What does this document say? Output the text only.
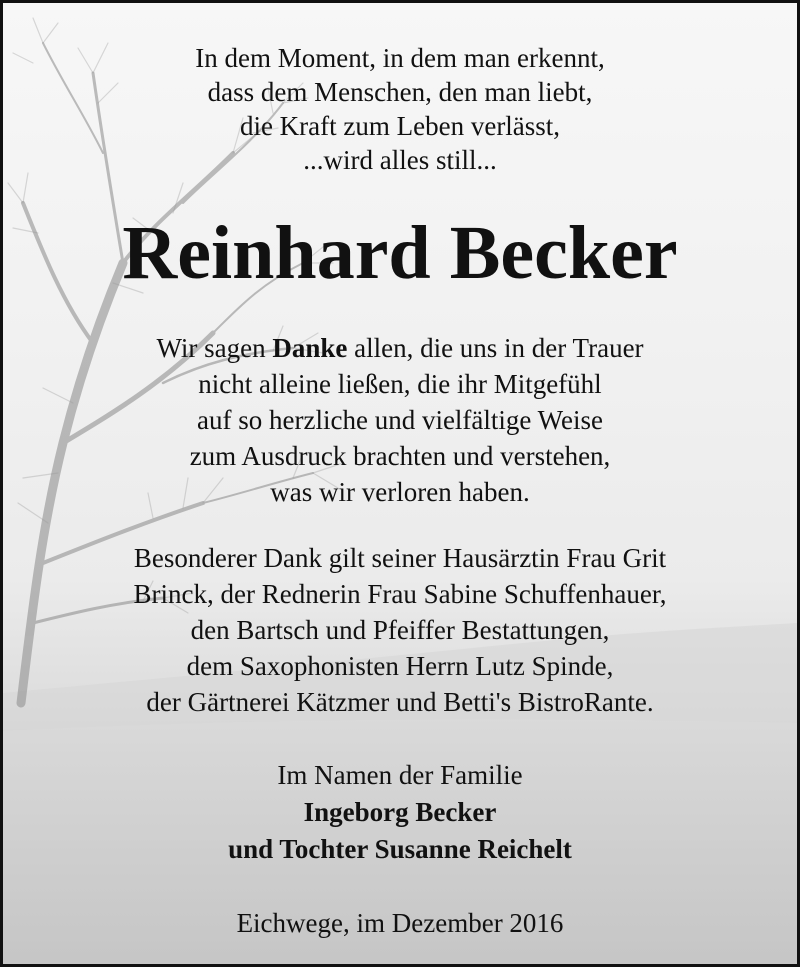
In dem Moment, in dem man erkennt,
dass dem Menschen, den man liebt,
die Kraft zum Leben verlässt,
...wird alles still...
Reinhard Becker
Wir sagen Danke allen, die uns in der Trauer
nicht alleine ließen, die ihr Mitgefühl
auf so herzliche und vielfältige Weise
zum Ausdruck brachten und verstehen,
was wir verloren haben.
Besonderer Dank gilt seiner Hausärztin Frau Grit
Brinck, der Rednerin Frau Sabine Schuffenhauer,
den Bartsch und Pfeiffer Bestattungen,
dem Saxophonisten Herrn Lutz Spinde,
der Gärtnerei Kätzmer und Betti's BistroRante.
Im Namen der Familie
Ingeborg Becker
und Tochter Susanne Reichelt
Eichwege, im Dezember 2016
